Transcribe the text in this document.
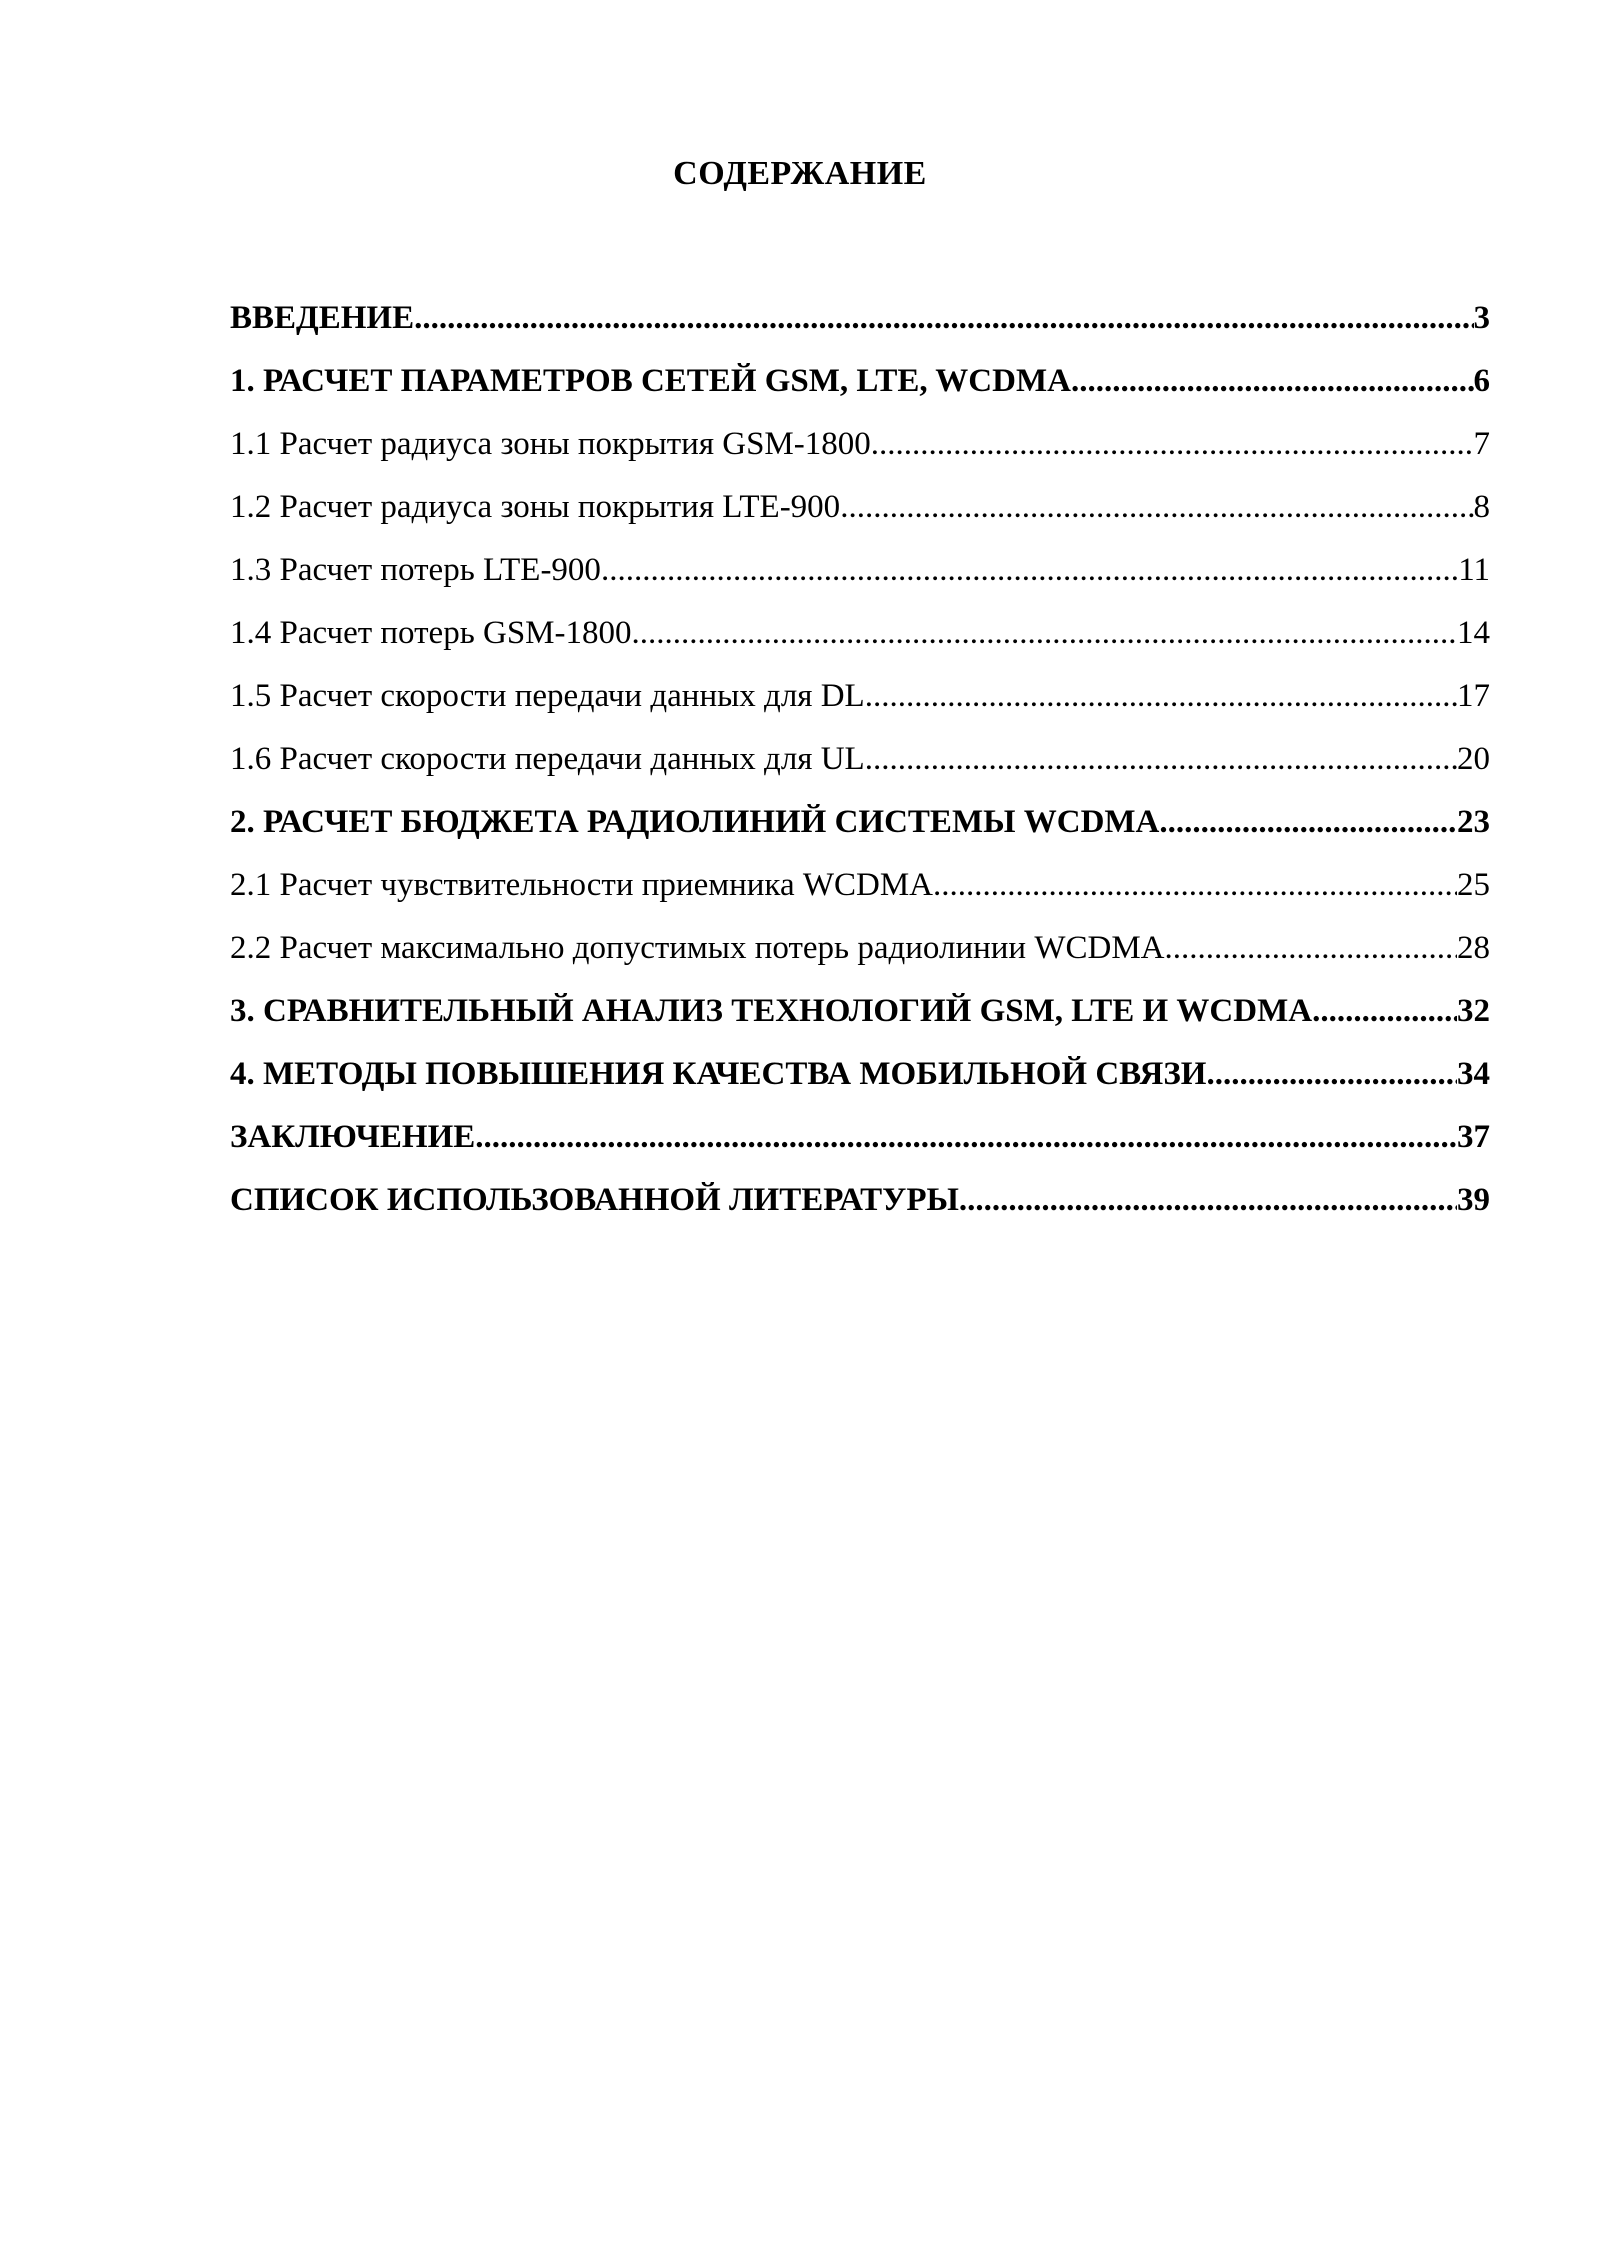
СОДЕРЖАНИЕ
ВВЕДЕНИЕ .....	3
1. РАСЧЕТ ПАРАМЕТРОВ СЕТЕЙ GSM, LTE, WCDMA .....	6
1.1 Расчет радиуса зоны покрытия GSM-1800 .....	7
1.2 Расчет радиуса зоны покрытия LTE-900 .....	8
1.3 Расчет потерь LTE-900 .....	11
1.4 Расчет потерь GSM-1800 .....	14
1.5 Расчет скорости передачи данных для DL .....	17
1.6 Расчет скорости передачи данных для UL .....	20
2. РАСЧЕТ БЮДЖЕТА РАДИОЛИНИЙ СИСТЕМЫ WCDMA .....	23
2.1 Расчет чувствительности приемника WCDMA .....	25
2.2 Расчет максимально допустимых потерь радиолинии WCDMA .....	28
3. СРАВНИТЕЛЬНЫЙ АНАЛИЗ ТЕХНОЛОГИЙ GSM, LTE И WCDMA .....	32
4. МЕТОДЫ ПОВЫШЕНИЯ КАЧЕСТВА МОБИЛЬНОЙ СВЯЗИ .....	34
ЗАКЛЮЧЕНИЕ .....	37
СПИСОК ИСПОЛЬЗОВАННОЙ ЛИТЕРАТУРЫ .....	39
